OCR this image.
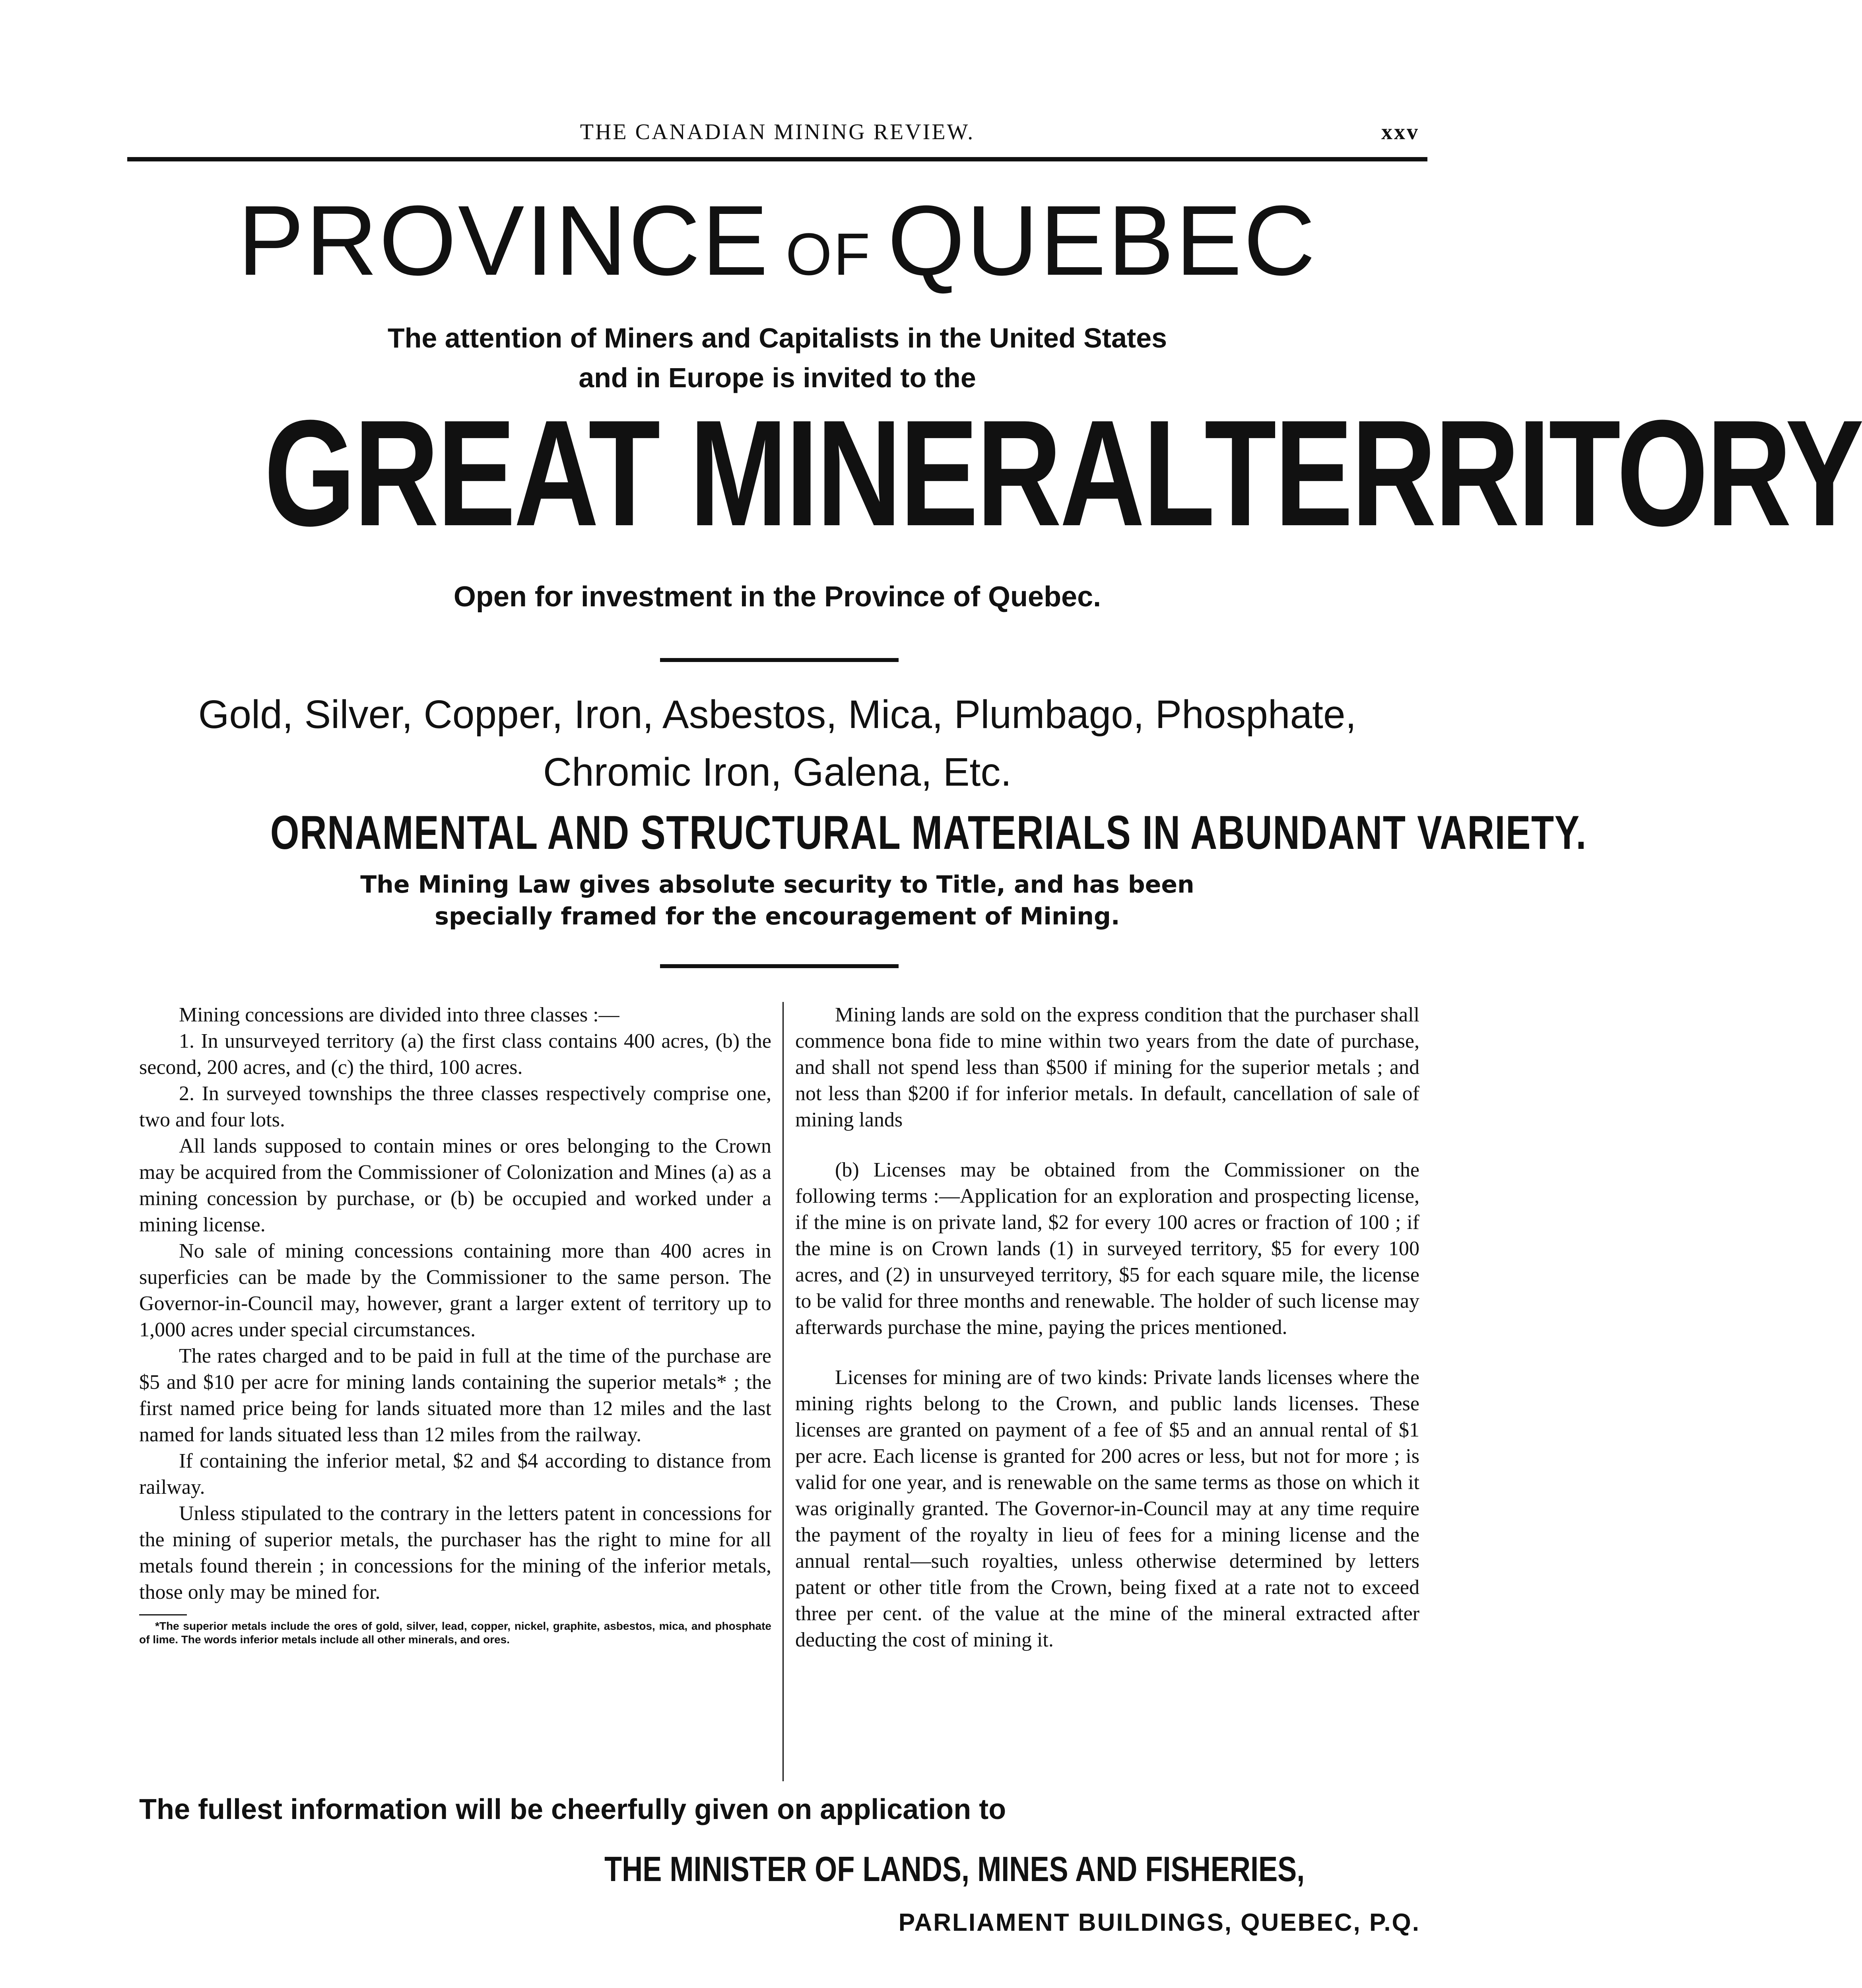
THE CANADIAN MINING REVIEW.	xxv
PROVINCE OF QUEBEC
The attention of Miners and Capitalists in the United States
and in Europe is invited to the
GREAT MINERALTERRITORY
Open for investment in the Province of Quebec.
Gold, Silver, Copper, Iron, Asbestos, Mica, Plumbago, Phosphate,
Chromic Iron, Galena, Etc.
ORNAMENTAL AND STRUCTURAL MATERIALS IN ABUNDANT VARIETY.
The Mining Law gives absolute security to Title, and has been
specially framed for the encouragement of Mining.

Mining concessions are divided into three classes :—

1. In unsurveyed territory (a) the first class contains 400 acres, (b) the second, 200 acres, and (c) the third, 100 acres.

2. In surveyed townships the three classes respectively comprise one, two and four lots.

All lands supposed to contain mines or ores belonging to the Crown may be acquired from the Commissioner of Colonization and Mines (a) as a mining concession by purchase, or (b) be occupied and worked under a mining license.

No sale of mining concessions containing more than 400 acres in superficies can be made by the Commissioner to the same person. The Governor-in-Council may, however, grant a larger extent of territory up to 1,000 acres under special circumstances.

The rates charged and to be paid in full at the time of the purchase are $5 and $10 per acre for mining lands containing the superior metals* ; the first named price being for lands situated more than 12 miles and the last named for lands situated less than 12 miles from the railway.

If containing the inferior metal, $2 and $4 according to distance from railway.

Unless stipulated to the contrary in the letters patent in concessions for the mining of superior metals, the purchaser has the right to mine for all metals found therein ; in concessions for the mining of the inferior metals, those only may be mined for.

*The superior metals include the ores of gold, silver, lead, copper, nickel, graphite, asbestos, mica, and phosphate of lime. The words inferior metals include all other minerals, and ores.

Mining lands are sold on the express condition that the purchaser shall commence bona fide to mine within two years from the date of purchase, and shall not spend less than $500 if mining for the superior metals ; and not less than $200 if for inferior metals. In default, cancellation of sale of mining lands

(b) Licenses may be obtained from the Commissioner on the following terms :—Application for an exploration and prospecting license, if the mine is on private land, $2 for every 100 acres or fraction of 100 ; if the mine is on Crown lands (1) in surveyed territory, $5 for every 100 acres, and (2) in unsurveyed territory, $5 for each square mile, the license to be valid for three months and renewable. The holder of such license may afterwards purchase the mine, paying the prices mentioned.

Licenses for mining are of two kinds: Private lands licenses where the mining rights belong to the Crown, and public lands licenses. These licenses are granted on payment of a fee of $5 and an annual rental of $1 per acre. Each license is granted for 200 acres or less, but not for more ; is valid for one year, and is renewable on the same terms as those on which it was originally granted. The Governor-in-Council may at any time require the payment of the royalty in lieu of fees for a mining license and the annual rental—such royalties, unless otherwise determined by letters patent or other title from the Crown, being fixed at a rate not to exceed three per cent. of the value at the mine of the mineral extracted after deducting the cost of mining it.

The fullest information will be cheerfully given on application to
THE MINISTER OF LANDS, MINES AND FISHERIES,
PARLIAMENT BUILDINGS, QUEBEC, P.Q.
